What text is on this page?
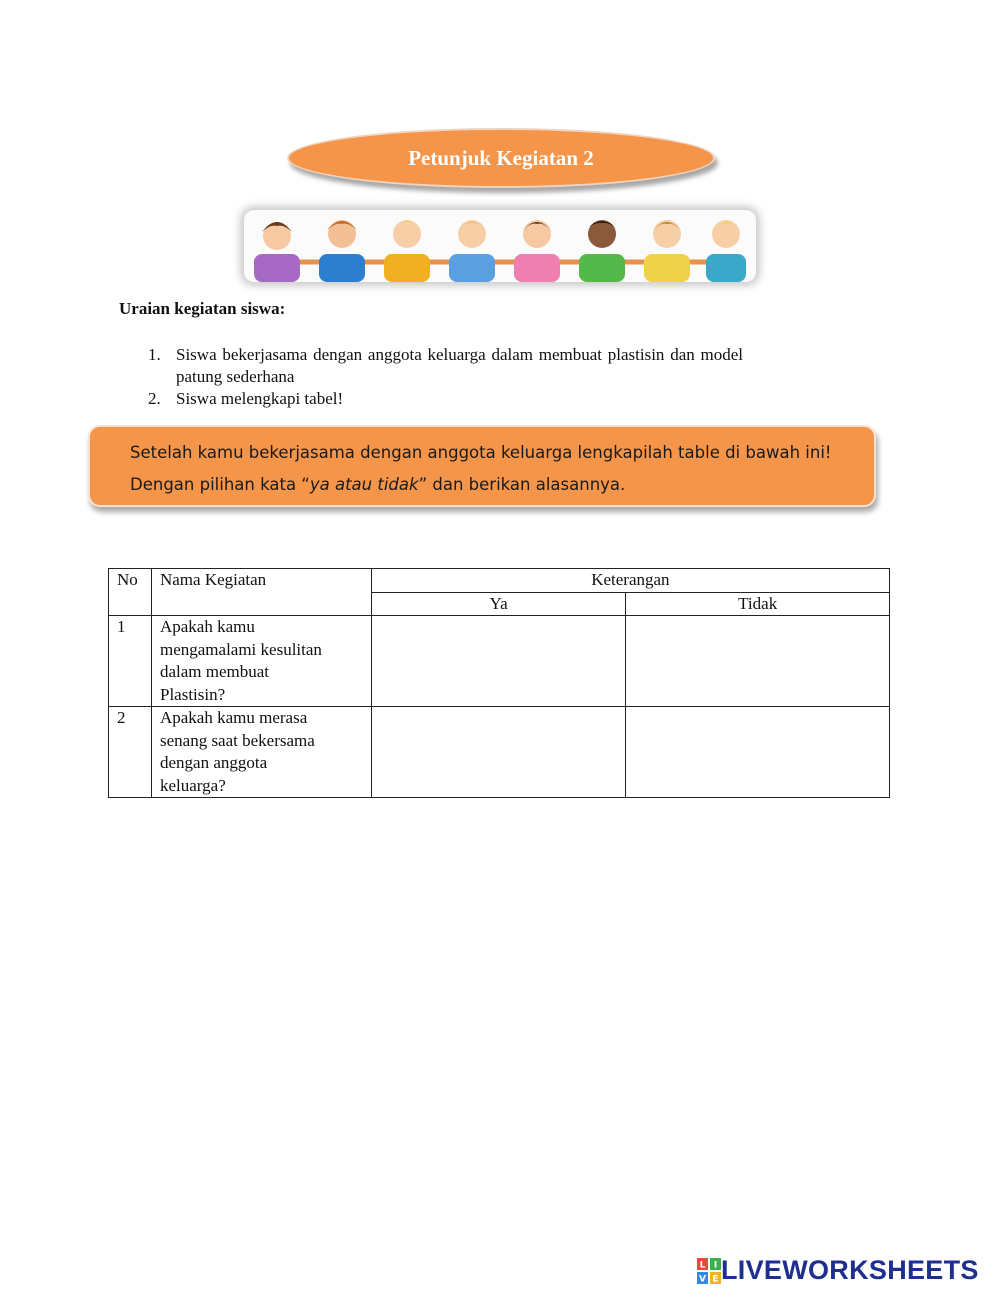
Petunjuk Kegiatan 2
Uraian kegiatan siswa:
1. Siswa bekerjasama dengan anggota keluarga dalam membuat plastisin dan model patung sederhana
2. Siswa melengkapi tabel!
Setelah kamu bekerjasama dengan anggota keluarga lengkapilah table di bawah ini! Dengan pilihan kata “ya atau tidak” dan berikan alasannya.
No	Nama Kegiatan	Keterangan	
		Ya	Tidak
1	Apakah kamu
mengamalami kesulitan
dalam membuat
Plastisin?		

2	Apakah kamu merasa
senang saat bekersama
dengan anggota
keluarga?		

L I
V E LIVEWORKSHEETS
